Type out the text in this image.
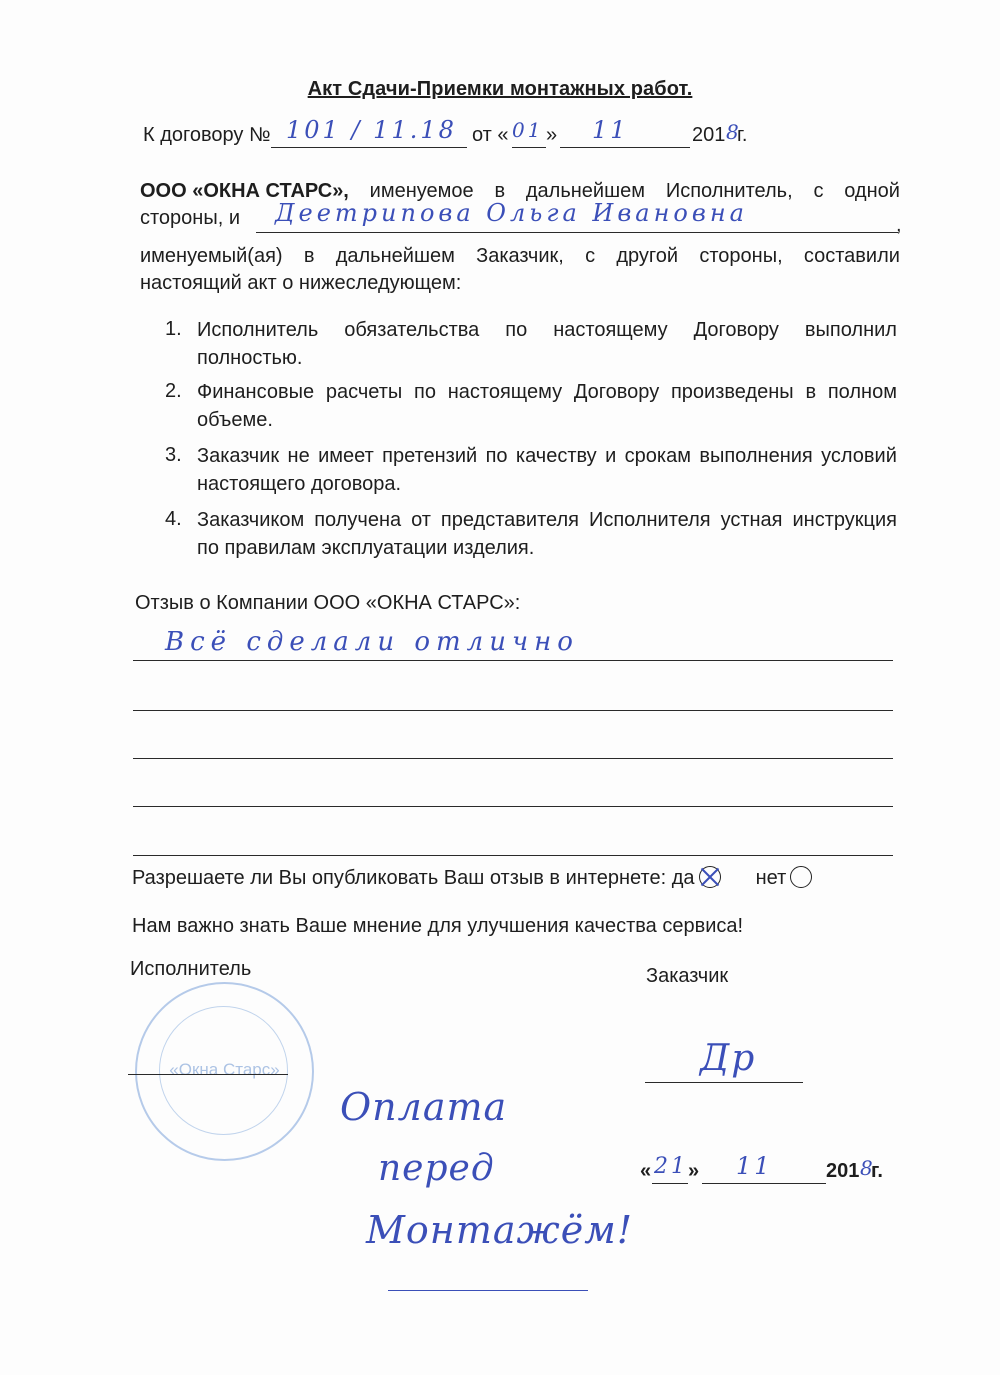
Акт Сдачи-Приемки монтажных работ.
К договору № 101 / 11.18 от « 01 » 11	201 8
г.
ООО «ОКНА СТАРС», именуемое в дальнейшем Исполнитель, с одной
стороны, и Деетрипова Ольга Ивановна	,
именуемый(ая) в дальнейшем Заказчик, с другой стороны, составили
настоящий акт о нижеследующем:
1. Исполнитель обязательства по настоящему Договору выполнил
полностью.
2. Финансовые расчеты по настоящему Договору произведены в полном
объеме.
3. Заказчик не имеет претензий по качеству и срокам выполнения условий
настоящего договора.
4. Заказчиком получена от представителя Исполнителя устная инструкция
по правилам эксплуатации изделия.
Отзыв о Компании ООО «ОКНА СТАРС»:
Всё сделали отлично
Разрешаете ли Вы опубликовать Ваш отзыв в интернете: да	нет
Нам важно знать Ваше мнение для улучшения качества сервиса!
Исполнитель
«Окна Старс»
Заказчик
Др
Оплата
перед
Монтажём!
« 21 » 11	201 8
г.
